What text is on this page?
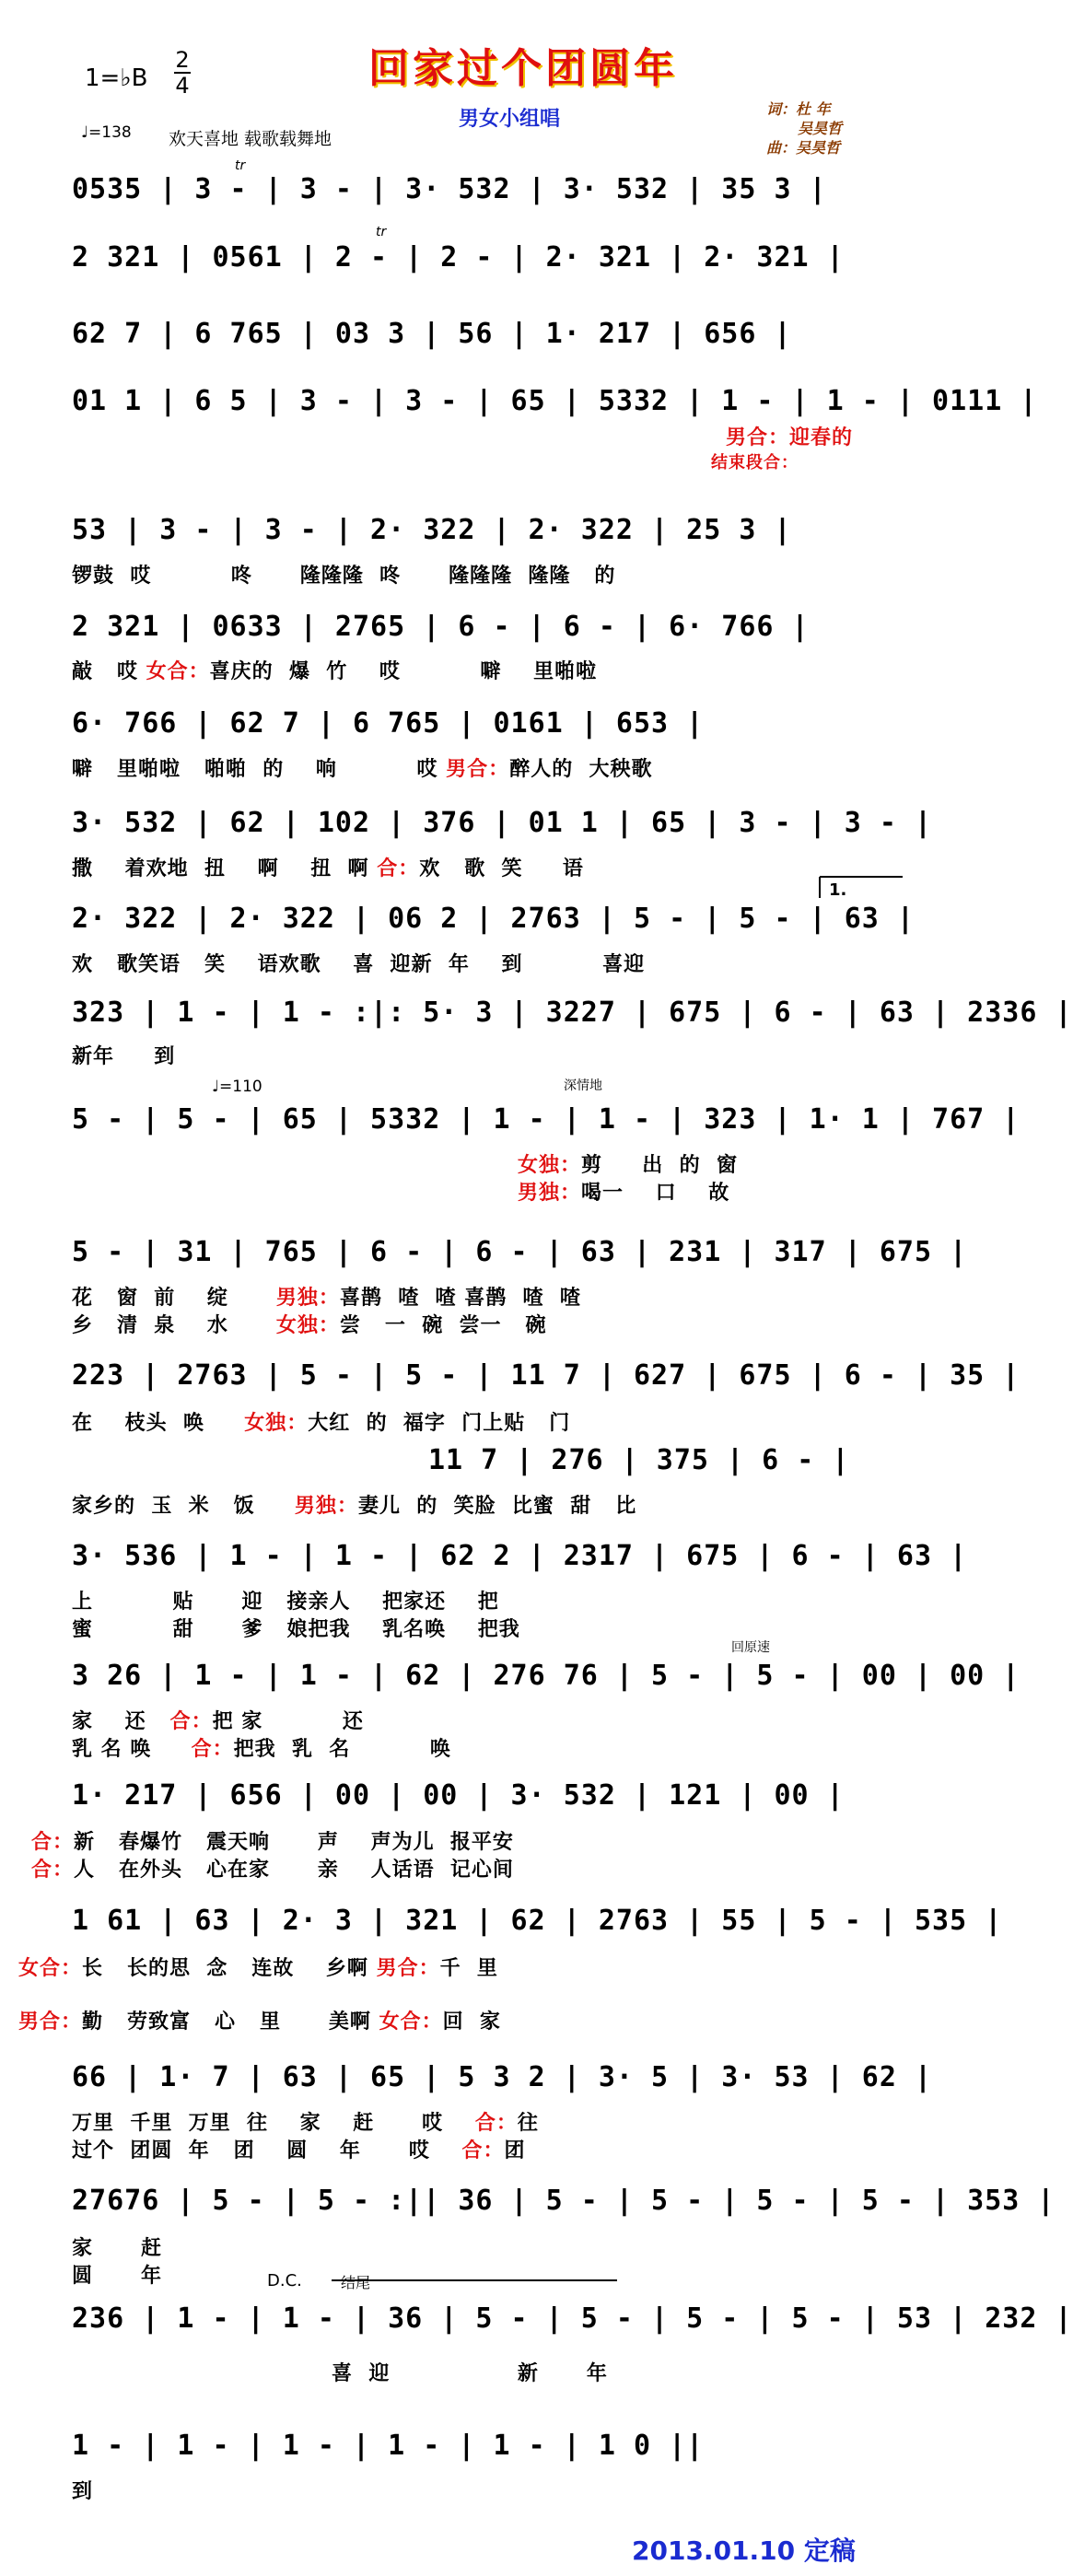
回家过个团圆年
男女小组唱	词：杜 年
吴昊哲
曲：吴昊哲
1=♭B
2
4
♩=138 欢天喜地 载歌载舞地
0535 | 3 - | 3 - | 3· 532 | 3· 532 | 35 3 |
2 321 | 0561 | 2 - | 2 - | 2· 321 | 2· 321 |
62 7 | 6 765 | 03 3 | 56 | 1· 217 | 656 |
01 1 | 6 5 | 3 - | 3 - | 65 | 5332 | 1 - | 1 - | 0111 |
男合：迎春的
结束段合：
53 | 3 - | 3 - | 2· 322 | 2· 322 | 25 3 |
锣鼓  哎          咚      隆隆隆  咚      隆隆隆  隆隆   的
2 321 | 0633 | 2765 | 6 - | 6 - | 6· 766 |
敲   哎 女合：喜庆的  爆  竹    哎          噼    里啪啦
6· 766 | 62 7 | 6 765 | 0161 | 653 |
噼   里啪啦   啪啪  的    响          哎 男合：醉人的  大秧歌
3· 532 | 62 | 102 | 376 | 01 1 | 65 | 3 - | 3 - |
撒    着欢地  扭    啊    扭  啊 合：欢   歌  笑     语
2· 322 | 2· 322 | 06 2 | 2763 | 5 - | 5 - | 63 |
欢   歌笑语   笑    语欢歌    喜  迎新  年    到          喜迎
323 | 1 - | 1 - :|: 5· 3 | 3227 | 675 | 6 - | 63 | 2336 |
新年     到
♩=110	深情地
5 - | 5 - | 65 | 5332 | 1 - | 1 - | 323 | 1· 1 | 767 |
女独：剪     出  的  窗
男独：喝一    口    故
5 - | 31 | 765 | 6 - | 6 - | 63 | 231 | 317 | 675 |
花   窗  前    绽      男独：喜鹊  喳  喳 喜鹊  喳  喳
乡   清  泉    水      女独：尝   一  碗  尝一   碗
223 | 2763 | 5 - | 5 - | 11 7 | 627 | 675 | 6 - | 35 |
在    枝头  唤     女独：大红  的  福字  门上贴   门
11 7 | 276 | 375 | 6 - |
家乡的  玉  米   饭     男独：妻儿  的  笑脸  比蜜  甜   比
3· 536 | 1 - | 1 - | 62 2 | 2317 | 675 | 6 - | 63 |
上          贴      迎   接亲人    把家还    把
蜜          甜      爹   娘把我    乳名唤    把我
回原速
3 26 | 1 - | 1 - | 62 | 276 76 | 5 - | 5 - | 00 | 00 |
家    还   合：把 家          还
乳 名 唤     合：把我  乳  名          唤
1· 217 | 656 | 00 | 00 | 3· 532 | 121 | 00 |
合：新   春爆竹   震天响      声    声为儿  报平安
合：人   在外头   心在家      亲    人话语  记心间
1 61 | 63 | 2· 3 | 321 | 62 | 2763 | 55 | 5 - | 535 |
女合：长   长的思  念   连故    乡啊 男合：千  里
男合：勤   劳致富   心   里      美啊 女合：回  家
66 | 1· 7 | 63 | 65 | 5 3 2 | 3· 5 | 3· 53 | 62 |
万里  千里  万里  往    家    赶      哎    合：往
过个  团圆  年   团    圆    年      哎    合：团
27676 | 5 - | 5 - :|| 36 | 5 - | 5 - | 5 - | 5 - | 353 |
家      赶
圆      年	D.C.	结尾
236 | 1 - | 1 - | 36 | 5 - | 5 - | 5 - | 5 - | 53 | 232 |
喜  迎                新      年
1 - | 1 - | 1 - | 1 - | 1 - | 1 0 ||
到
2013.01.10 定稿
1.
tr
tr
